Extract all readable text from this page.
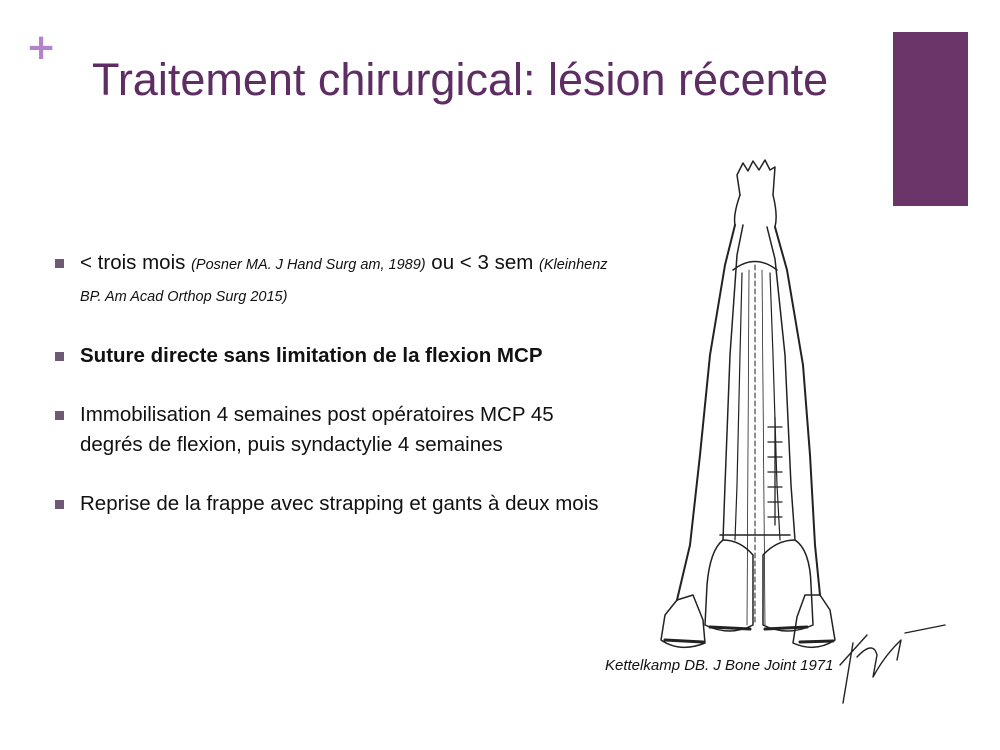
+
Traitement chirurgical: lésion récente
< trois mois (Posner MA. J Hand Surg am, 1989) ou < 3 sem (Kleinhenz BP. Am Acad Orthop Surg 2015)
Suture directe sans limitation de la flexion MCP
Immobilisation 4 semaines post opératoires MCP 45 degrés de flexion, puis syndactylie 4 semaines
Reprise de la frappe avec strapping et gants à deux mois
Kettelkamp DB. J Bone Joint 1971
